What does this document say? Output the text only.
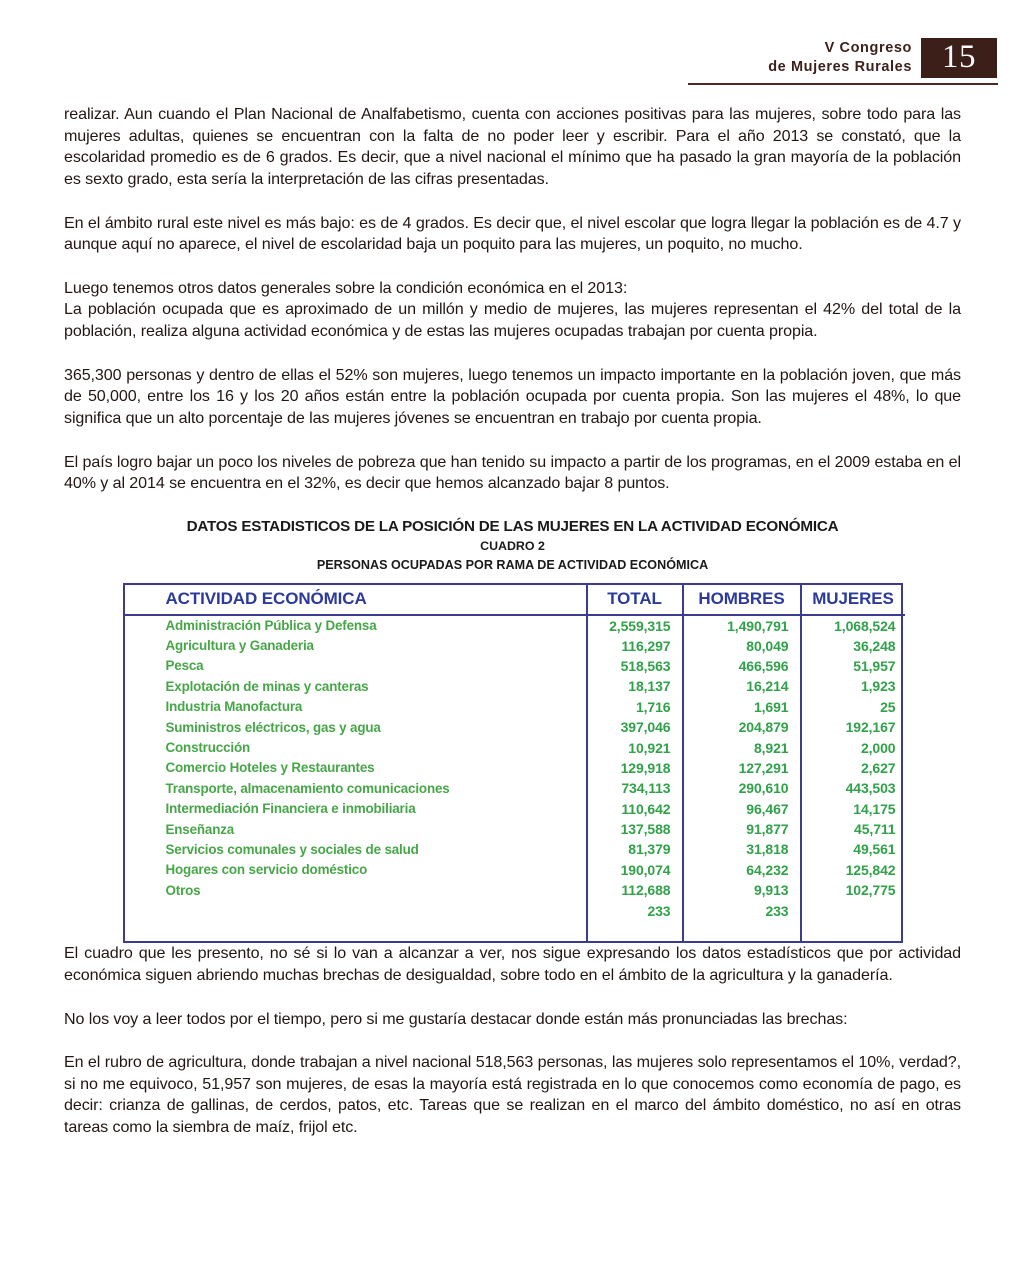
V Congreso
de Mujeres Rurales 15

realizar. Aun cuando el Plan Nacional de Analfabetismo, cuenta con acciones positivas para las mujeres, sobre todo para las mujeres adultas, quienes se encuentran con la falta de no poder leer y escribir. Para el año 2013 se constató, que la escolaridad promedio es de 6 grados. Es decir, que a nivel nacional el mínimo que ha pasado la gran mayoría de la población es sexto grado, esta sería la interpretación de las cifras presentadas.

En el ámbito rural este nivel es más bajo: es de 4 grados. Es decir que, el nivel escolar que logra llegar la población es de 4.7 y aunque aquí no aparece, el nivel de escolaridad baja un poquito para las mujeres, un poquito, no mucho.

Luego tenemos otros datos generales sobre la condición económica en el 2013:

La población ocupada que es aproximado de un millón y medio de mujeres, las mujeres representan el 42% del total de la población, realiza alguna actividad económica y de estas las mujeres ocupadas trabajan por cuenta propia.

365,300 personas y dentro de ellas el 52% son mujeres, luego tenemos un impacto importante en la población joven, que más de 50,000, entre los 16 y los 20 años están entre la población ocupada por cuenta propia. Son las mujeres el 48%, lo que significa que un alto porcentaje de las mujeres jóvenes se encuentran en trabajo por cuenta propia.

El país logro bajar un poco los niveles de pobreza que han tenido su impacto a partir de los programas, en el 2009 estaba en el 40% y al 2014 se encuentra en el 32%, es decir que hemos alcanzado bajar 8 puntos.

DATOS ESTADISTICOS DE LA POSICIÓN DE LAS MUJERES EN LA ACTIVIDAD ECONÓMICA
CUADRO 2
PERSONAS OCUPADAS POR RAMA DE ACTIVIDAD ECONÓMICA
ACTIVIDAD ECONÓMICA	TOTAL	HOMBRES	MUJERES
Administración Pública y Defensa	2,559,315	1,490,791	1,068,524
Agricultura y Ganaderia	116,297	80,049	36,248
Pesca	518,563	466,596	51,957
Explotación de minas y canteras	18,137	16,214	1,923
Industria Manofactura	1,716	1,691	25
Suministros eléctricos, gas y agua	397,046	204,879	192,167
Construcción	10,921	8,921	2,000
Comercio Hoteles y Restaurantes	129,918	127,291	2,627
Transporte, almacenamiento comunicaciones	734,113	290,610	443,503
Intermediación Financiera e inmobiliaria	110,642	96,467	14,175
Enseñanza	137,588	91,877	45,711
Servicios comunales y sociales de salud	81,379	31,818	49,561
Hogares con servicio doméstico	190,074	64,232	125,842
Otros	112,688	9,913	102,775
	233	233	

El cuadro que les presento, no sé si lo van a alcanzar a ver, nos sigue expresando los datos estadísticos que por actividad económica siguen abriendo muchas brechas de desigualdad, sobre todo en el ámbito de la agricultura y la ganadería.

No los voy a leer todos por el tiempo, pero si me gustaría destacar donde están más pronunciadas las brechas:

En el rubro de agricultura, donde trabajan a nivel nacional 518,563 personas, las mujeres solo representamos el 10%, verdad?, si no me equivoco, 51,957 son mujeres, de esas la mayoría está registrada en lo que conocemos como economía de pago, es decir: crianza de gallinas, de cerdos, patos, etc. Tareas que se realizan en el marco del ámbito doméstico, no así en otras tareas como la siembra de maíz, frijol etc.
